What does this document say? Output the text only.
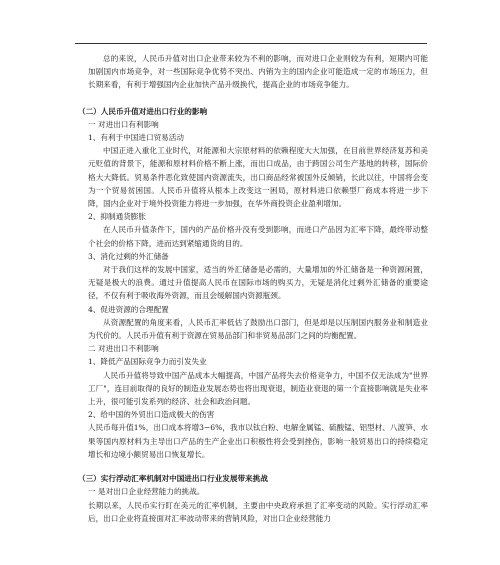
总的来说，人民币升值对出口企业带来较为不利的影响，而对进口企业则较为有利，短期内可能加剧国内市场竞争，对一些国际竞争优势不突出、内销为主的国内企业可能造成一定的市场压力，但长期来看，有利于增强国内企业加快产品升级换代，提高企业的市场竞争能力。

（二）人民币升值对进出口行业的影响

一 对进出口有利影响

1、有利于中国进口贸易活动

中国正进入重化工业时代，对能源和大宗原材料的依赖程度大大加强，在目前世界经济复苏和美元贬值的背景下，能源和原材料价格不断上涨，而出口成品，由于跨国公司生产基地的转移，国际价格大大降低。贸易条件恶化致使国内资源流失，出口商品经常被国外反倾销，长此以往，中国将会变为一个贸易贫困国。人民币升值将从根本上改变这一困局，原材料进口依赖型厂商成本将进一步下降，国内企业对于境外投资能力将进一步加强，在华外商投资企业盈利增加。

2、抑制通货膨胀

在人民币升值条件下，国内的产品价格升没有受到影响，而进口产品因为汇率下降，最终带动整个社会的价格下降，进而达到紧缩通货的目的。

3、消化过剩的外汇储备

对于我们这样的发展中国家，适当的外汇储备是必需的，大量增加的外汇储备是一种资源闲置，无疑是极大的浪费。通过升值提高人民币在国际市场的购买力，无疑是消化过剩外汇储备的重要途径，不仅有利于吸收海外资源，而且会缓解国内资源瓶颈。

4、促进资源的合理配置

从资源配置的角度来看，人民币汇率低估了鼓励出口部门，但是却是以压制国内服务业和制造业为代价的。人民币升值有利于资源在贸易品部门和非贸易品部门之间的均衡配置。

二 对进出口不利影响

1、降低产品国际竞争力而引发失业

人民币升值将导致中国产品成本大幅提高，中国产品将失去价格竞争力，中国不仅无法成为"世界工厂"，连目前取得的良好的制造业发展态势也将出现衰退，制造业衰退的第一个直接影响就是失业率上升，很可能引发系列的经济、社会和政治问题。

2、给中国的外贸出口造成极大的伤害

人民币每升值1%，出口成本将增3−6%，我市以钛白粉、电解金属锰、硫酸锰、铝型材、八渡笋、水果等国内原材料为主导出口产品的生产企业出口积极性将会受到挫伤，影响一般贸易出口的持续稳定增长和边境小额贸易出口恢复增长。

（三）实行浮动汇率机制对中国进出口行业发展带来挑战

一 是对出口企业经营能力的挑战。

长期以来，人民币实行盯在美元的汇率机制，主要由中央政府承担了汇率变动的风险。实行浮动汇率后，出口企业将直接面对汇率波动带来的营销风险，对出口企业经营能力
